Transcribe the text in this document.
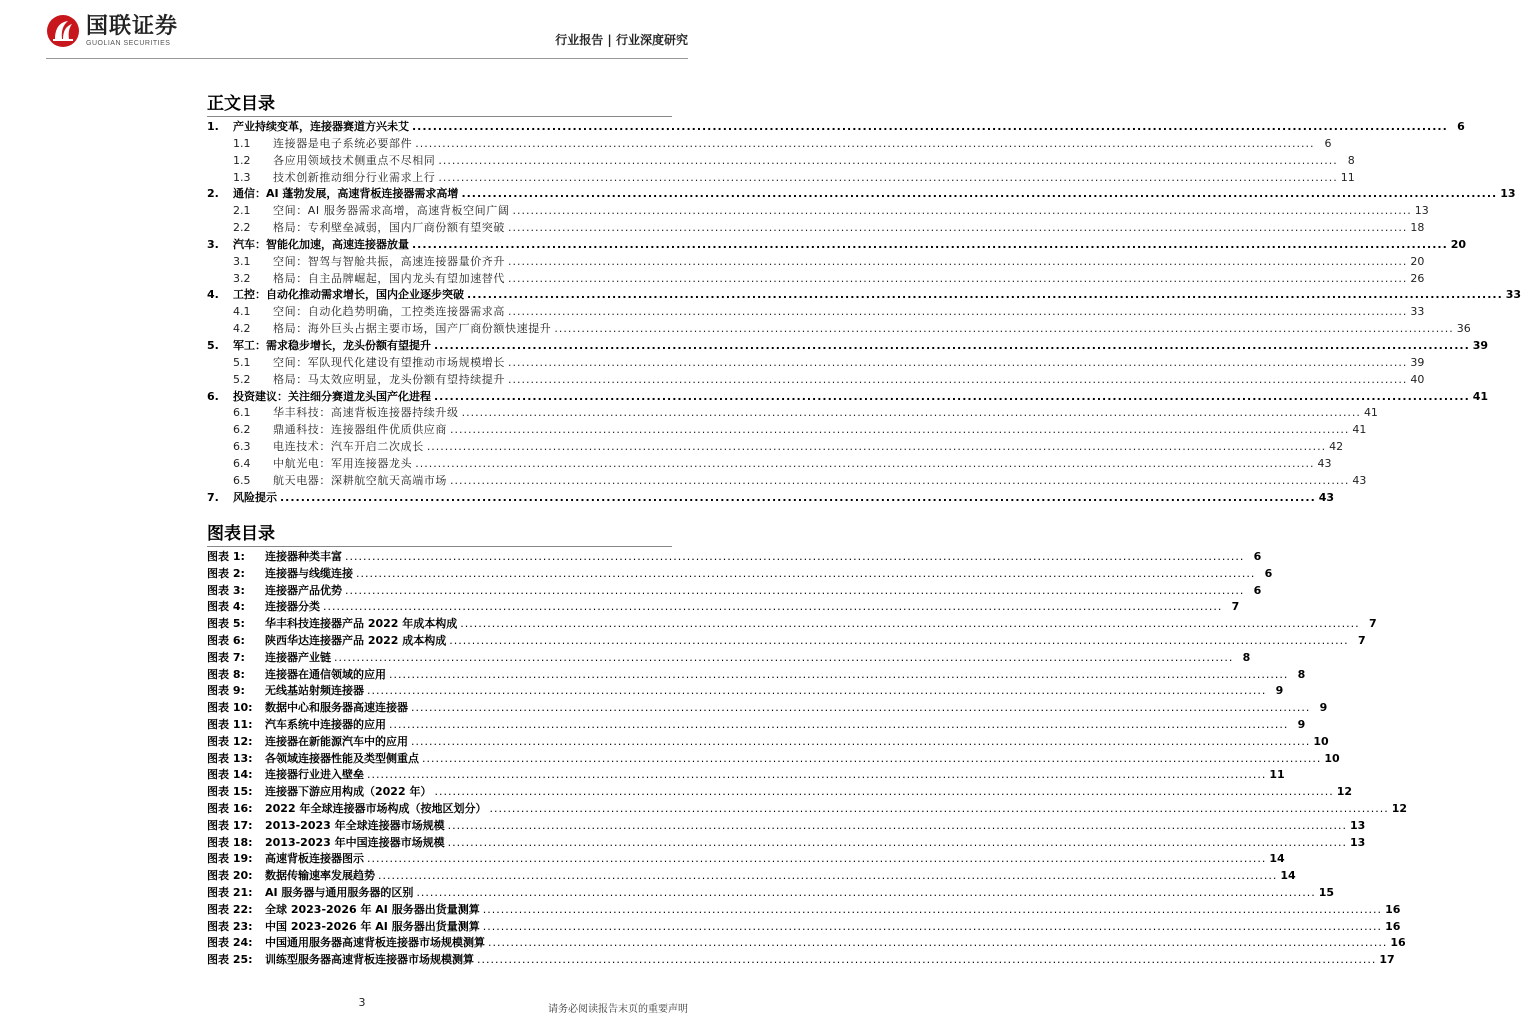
国联证券
GUOLIAN SECURITIES	行业报告 | 行业深度研究
正文目录
1.	产业持续变革，连接器赛道方兴未艾 ........................................................................................................................................................................................................ 6
1.1	连接器是电子系统必要部件 ........................................................................................................................................................................................................ 6
1.2	各应用领域技术侧重点不尽相同 ........................................................................................................................................................................................................ 8
1.3	技术创新推动细分行业需求上行 ........................................................................................................................................................................................................ 11
2.	通信：AI 蓬勃发展，高速背板连接器需求高增 ........................................................................................................................................................................................................ 13
2.1	空间：AI 服务器需求高增，高速背板空间广阔 ........................................................................................................................................................................................................ 13
2.2	格局：专利壁垒减弱，国内厂商份额有望突破 ........................................................................................................................................................................................................ 18
3.	汽车：智能化加速，高速连接器放量 ........................................................................................................................................................................................................ 20
3.1	空间：智驾与智舱共振，高速连接器量价齐升 ........................................................................................................................................................................................................ 20
3.2	格局：自主品牌崛起，国内龙头有望加速替代 ........................................................................................................................................................................................................ 26
4.	工控：自动化推动需求增长，国内企业逐步突破 ........................................................................................................................................................................................................ 33
4.1	空间：自动化趋势明确，工控类连接器需求高 ........................................................................................................................................................................................................ 33
4.2	格局：海外巨头占据主要市场，国产厂商份额快速提升 ........................................................................................................................................................................................................ 36
5.	军工：需求稳步增长，龙头份额有望提升 ........................................................................................................................................................................................................ 39
5.1	空间：军队现代化建设有望推动市场规模增长 ........................................................................................................................................................................................................ 39
5.2	格局：马太效应明显，龙头份额有望持续提升 ........................................................................................................................................................................................................ 40
6.	投资建议：关注细分赛道龙头国产化进程 ........................................................................................................................................................................................................ 41
6.1	华丰科技：高速背板连接器持续升级 ........................................................................................................................................................................................................ 41
6.2	鼎通科技：连接器组件优质供应商 ........................................................................................................................................................................................................ 41
6.3	电连技术：汽车开启二次成长 ........................................................................................................................................................................................................ 42
6.4	中航光电：军用连接器龙头 ........................................................................................................................................................................................................ 43
6.5	航天电器：深耕航空航天高端市场 ........................................................................................................................................................................................................ 43
7.	风险提示 ........................................................................................................................................................................................................ 43
图表目录
图表 1:	连接器种类丰富 ........................................................................................................................................................................................................ 6
图表 2:	连接器与线缆连接 ........................................................................................................................................................................................................ 6
图表 3:	连接器产品优势 ........................................................................................................................................................................................................ 6
图表 4:	连接器分类 ........................................................................................................................................................................................................ 7
图表 5:	华丰科技连接器产品 2022 年成本构成 ........................................................................................................................................................................................................ 7
图表 6:	陕西华达连接器产品 2022 成本构成 ........................................................................................................................................................................................................ 7
图表 7:	连接器产业链 ........................................................................................................................................................................................................ 8
图表 8:	连接器在通信领域的应用 ........................................................................................................................................................................................................ 8
图表 9:	无线基站射频连接器 ........................................................................................................................................................................................................ 9
图表 10:	数据中心和服务器高速连接器 ........................................................................................................................................................................................................ 9
图表 11:	汽车系统中连接器的应用 ........................................................................................................................................................................................................ 9
图表 12:	连接器在新能源汽车中的应用 ........................................................................................................................................................................................................ 10
图表 13:	各领域连接器性能及类型侧重点 ........................................................................................................................................................................................................ 10
图表 14:	连接器行业进入壁垒 ........................................................................................................................................................................................................ 11
图表 15:	连接器下游应用构成（2022 年） ........................................................................................................................................................................................................ 12
图表 16:	2022 年全球连接器市场构成（按地区划分） ........................................................................................................................................................................................................ 12
图表 17:	2013-2023 年全球连接器市场规模 ........................................................................................................................................................................................................ 13
图表 18:	2013-2023 年中国连接器市场规模 ........................................................................................................................................................................................................ 13
图表 19:	高速背板连接器图示 ........................................................................................................................................................................................................ 14
图表 20:	数据传输速率发展趋势 ........................................................................................................................................................................................................ 14
图表 21:	AI 服务器与通用服务器的区别 ........................................................................................................................................................................................................ 15
图表 22:	全球 2023-2026 年 AI 服务器出货量测算 ........................................................................................................................................................................................................ 16
图表 23:	中国 2023-2026 年 AI 服务器出货量测算 ........................................................................................................................................................................................................ 16
图表 24:	中国通用服务器高速背板连接器市场规模测算 ........................................................................................................................................................................................................ 16
图表 25:	训练型服务器高速背板连接器市场规模测算 ........................................................................................................................................................................................................ 17
3
请务必阅读报告末页的重要声明
